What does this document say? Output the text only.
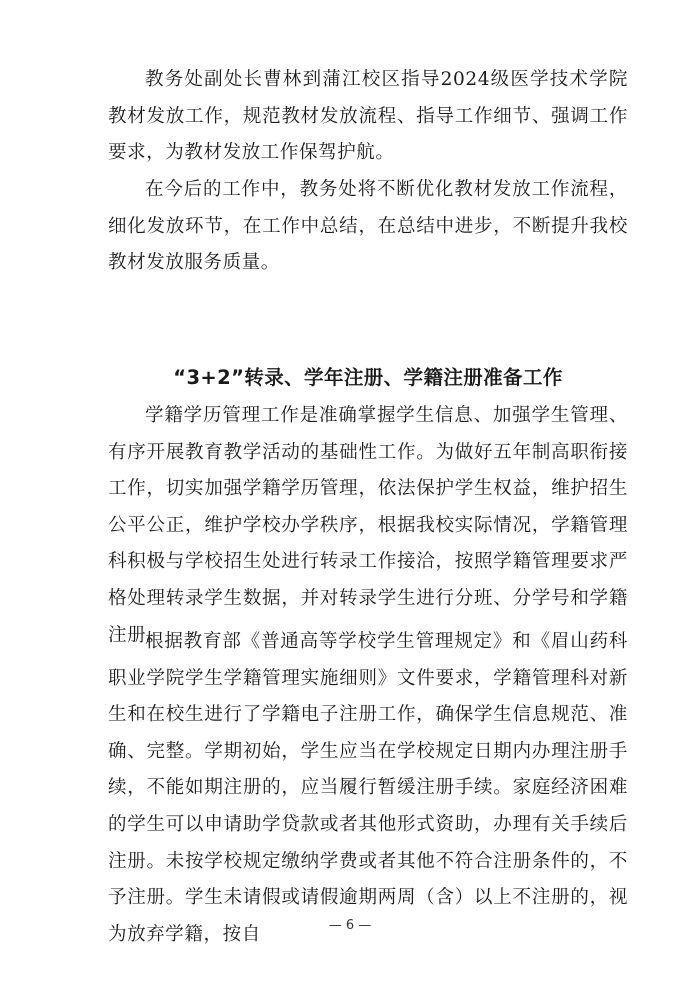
教务处副处长曹林到蒲江校区指导2024级医学技术学院教材发放工作，规范教材发放流程、指导工作细节、强调工作要求，为教材发放工作保驾护航。

在今后的工作中，教务处将不断优化教材发放工作流程，细化发放环节，在工作中总结，在总结中进步，不断提升我校教材发放服务质量。

“3+2”转录、学年注册、学籍注册准备工作

学籍学历管理工作是准确掌握学生信息、加强学生管理、有序开展教育教学活动的基础性工作。为做好五年制高职衔接工作，切实加强学籍学历管理，依法保护学生权益，维护招生公平公正，维护学校办学秩序，根据我校实际情况，学籍管理科积极与学校招生处进行转录工作接洽，按照学籍管理要求严格处理转录学生数据，并对转录学生进行分班、分学号和学籍注册。

根据教育部《普通高等学校学生管理规定》和《眉山药科职业学院学生学籍管理实施细则》文件要求，学籍管理科对新生和在校生进行了学籍电子注册工作，确保学生信息规范、准确、完整。学期初始，学生应当在学校规定日期内办理注册手续，不能如期注册的，应当履行暂缓注册手续。家庭经济困难的学生可以申请助学贷款或者其他形式资助，办理有关手续后注册。未按学校规定缴纳学费或者其他不符合注册条件的，不予注册。学生未请假或请假逾期两周（含）以上不注册的，视为放弃学籍，按自	— 6 —
